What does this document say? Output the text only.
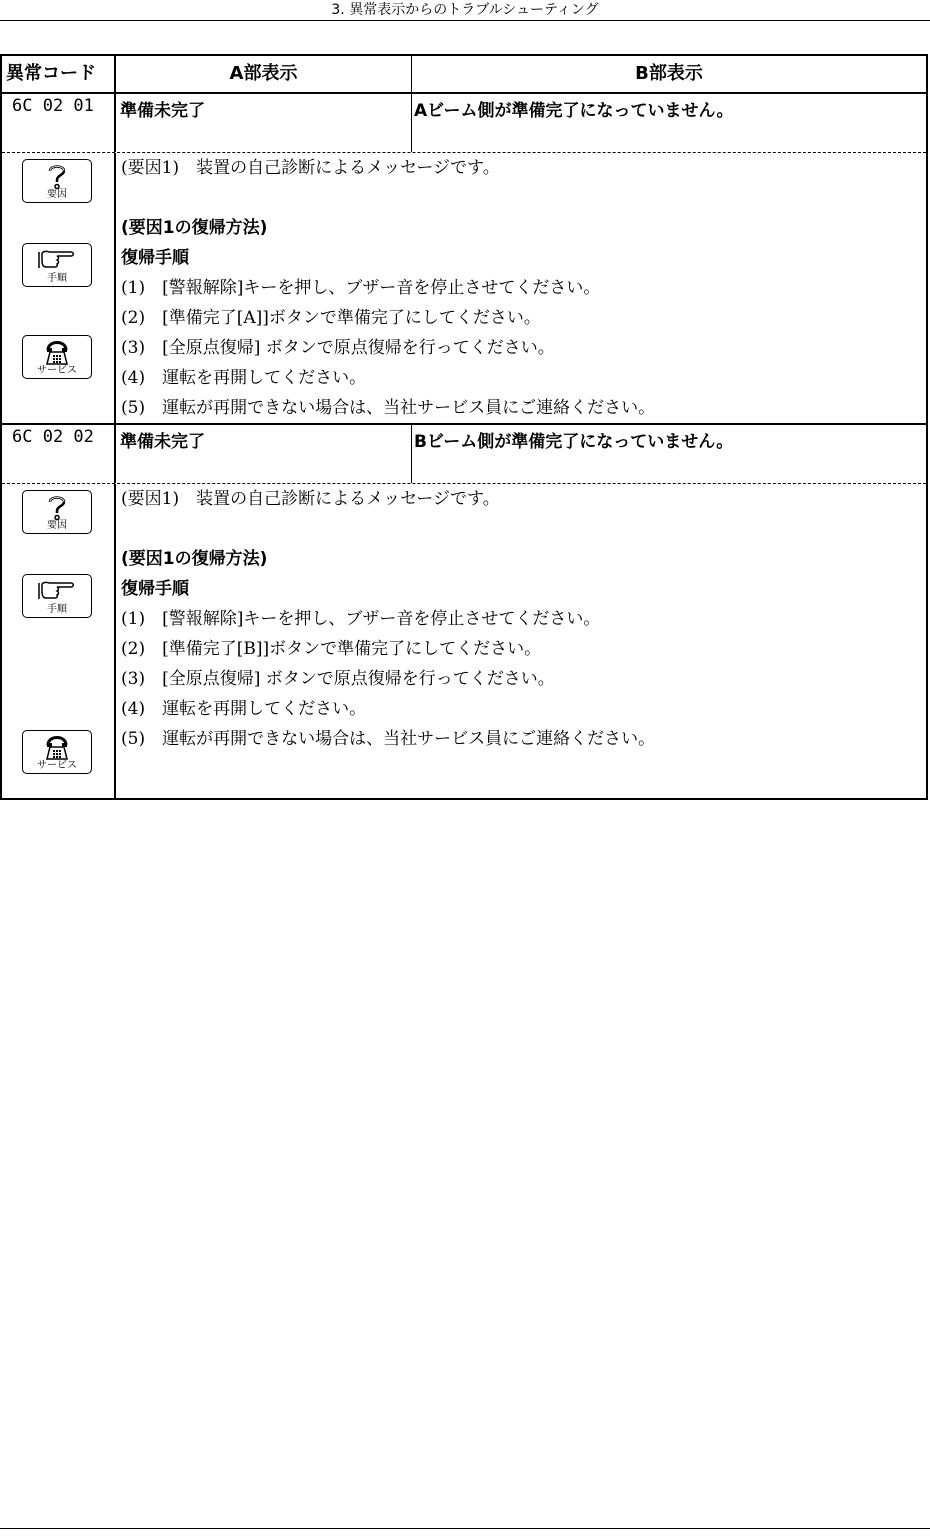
3. 異常表示からのトラブルシューティング
異常コード	A部表示	B部表示
6C 02 01	準備未完了	Aビーム側が準備完了になっていません。
要因
手順
サービス
(要因1)　装置の自己診断によるメッセージです。
(要因1の復帰方法)
復帰手順
(1)　[警報解除]キーを押し、ブザー音を停止させてください。
(2)　[準備完了[A]]ボタンで準備完了にしてください。
(3)　[全原点復帰] ボタンで原点復帰を行ってください。
(4)　運転を再開してください。
(5)　運転が再開できない場合は、当社サービス員にご連絡ください。
6C 02 02	準備未完了	Bビーム側が準備完了になっていません。
要因
手順
サービス
(要因1)　装置の自己診断によるメッセージです。
(要因1の復帰方法)
復帰手順
(1)　[警報解除]キーを押し、ブザー音を停止させてください。
(2)　[準備完了[B]]ボタンで準備完了にしてください。
(3)　[全原点復帰] ボタンで原点復帰を行ってください。
(4)　運転を再開してください。
(5)　運転が再開できない場合は、当社サービス員にご連絡ください。
